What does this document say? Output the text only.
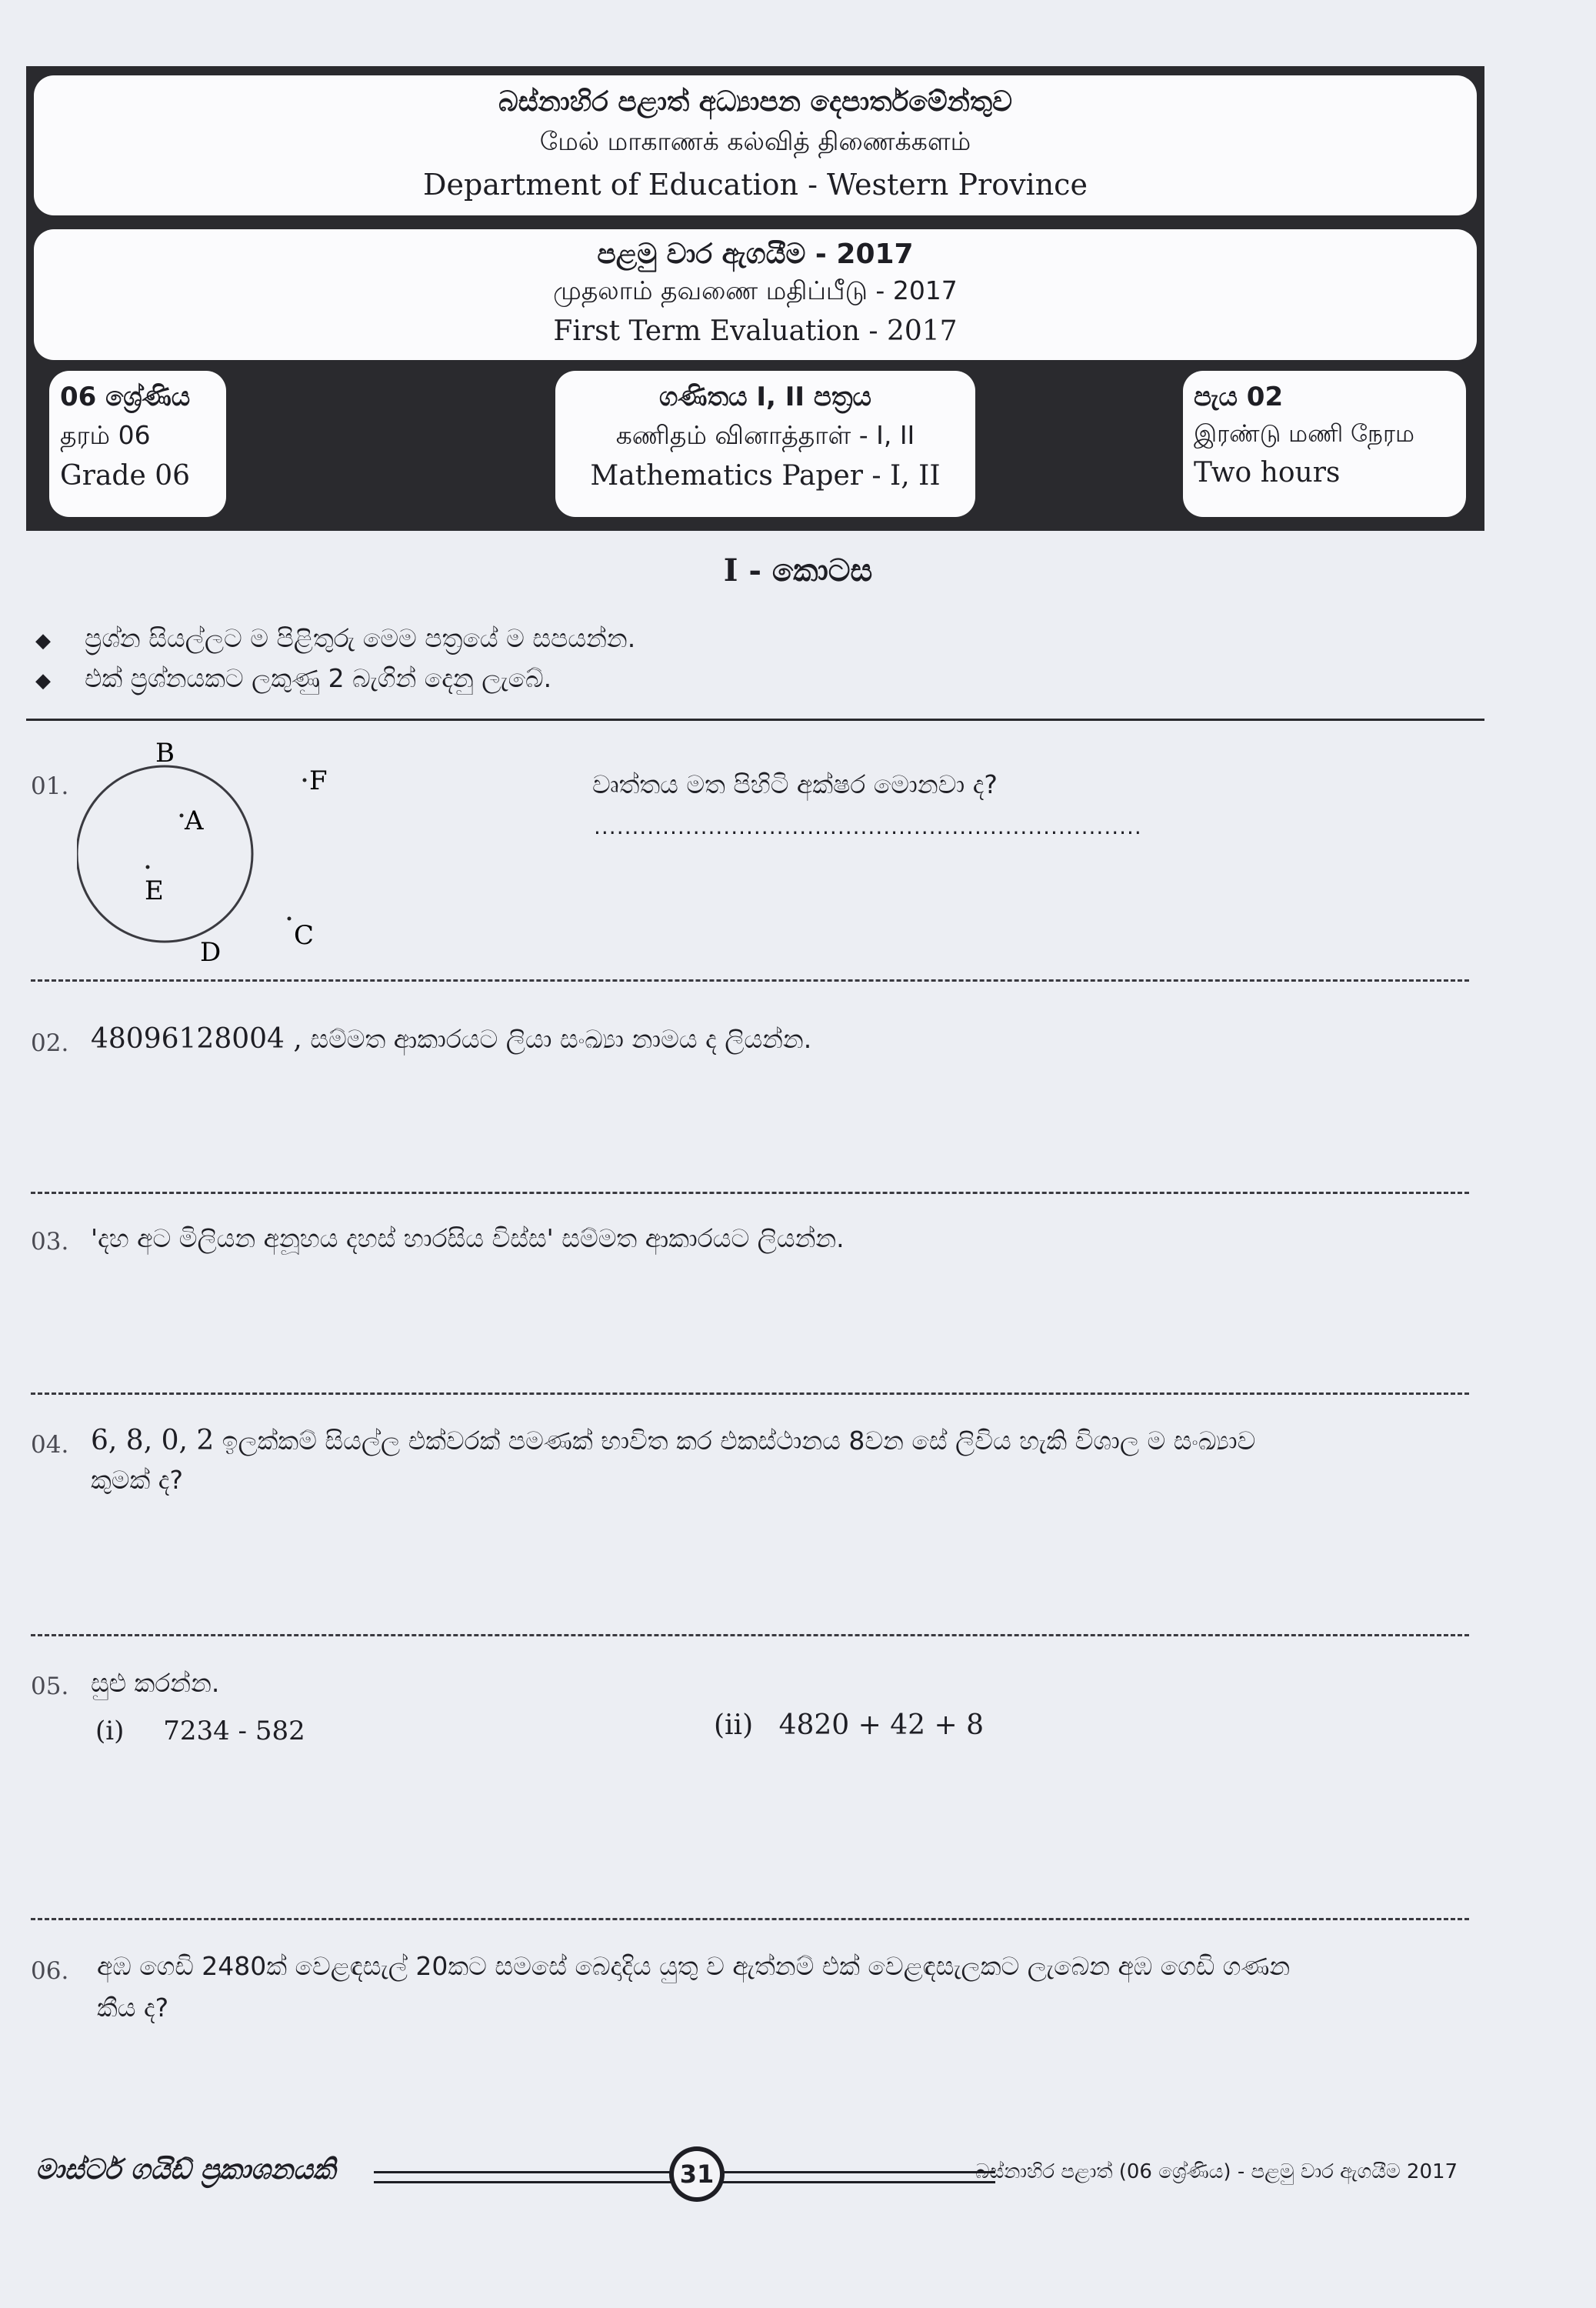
බස්නාහිර පළාත් අධ්‍යාපන දෙපාර්තමේන්තුව
மேல் மாகாணக் கல்வித் திணைக்களம்
Department of Education - Western Province
පළමු වාර ඇගයීම - 2017
முதலாம் தவணை மதிப்பீடு - 2017
First Term Evaluation - 2017
06 ශ්‍රේණිය
தரம் 06
Grade 06
ගණිතය I, II පත්‍රය
கணிதம் வினாத்தாள் - I, II
Mathematics Paper - I, II
පැය 02
இரண்டு மணி நேரம
Two hours
I - කොටස
◆ ප්‍රශ්න සියල්ලට ම පිළිතුරු මෙම පත්‍රයේ ම සපයන්න.
◆ එක් ප්‍රශ්නයකට ලකුණු 2 බැගින් දෙනු ලැබේ.
01.
B
A
E
D
C
F	වෘත්තය මත පිහිටි අක්ෂර මොනවා ද?
........................................................................
02. 48096128004 , සම්මත ආකාරයට ලියා සංඛ්‍යා නාමය ද ලියන්න.
03. 'දහ අට මිලියන අනූහය දහස් හාරසිය විස්ස' සම්මත ආකාරයට ලියන්න.
04. 6, 8, 0, 2 ඉලක්කම් සියල්ල එක්වරක් පමණක් භාවිත කර එකස්ථානය 8වන සේ ලිවිය හැකි විශාල ම සංඛ්‍යාව
කුමක් ද?
05. සුළු කරන්න.
(i) 7234 - 582	(ii) 4820 + 42 + 8
06. අඹ ගෙඩි 2480ක් වෙළඳසැල් 20කට සමසේ බෙදාදිය යුතු ව ඇත්නම් එක් වෙළඳසැලකට ලැබෙන අඹ ගෙඩි ගණන
කීය ද?
මාස්ටර් ගයිඩ් ප්‍රකාශනයකි	31	බස්නාහිර පළාත් (06 ශ්‍රේණිය) - පළමු වාර ඇගයීම 2017
